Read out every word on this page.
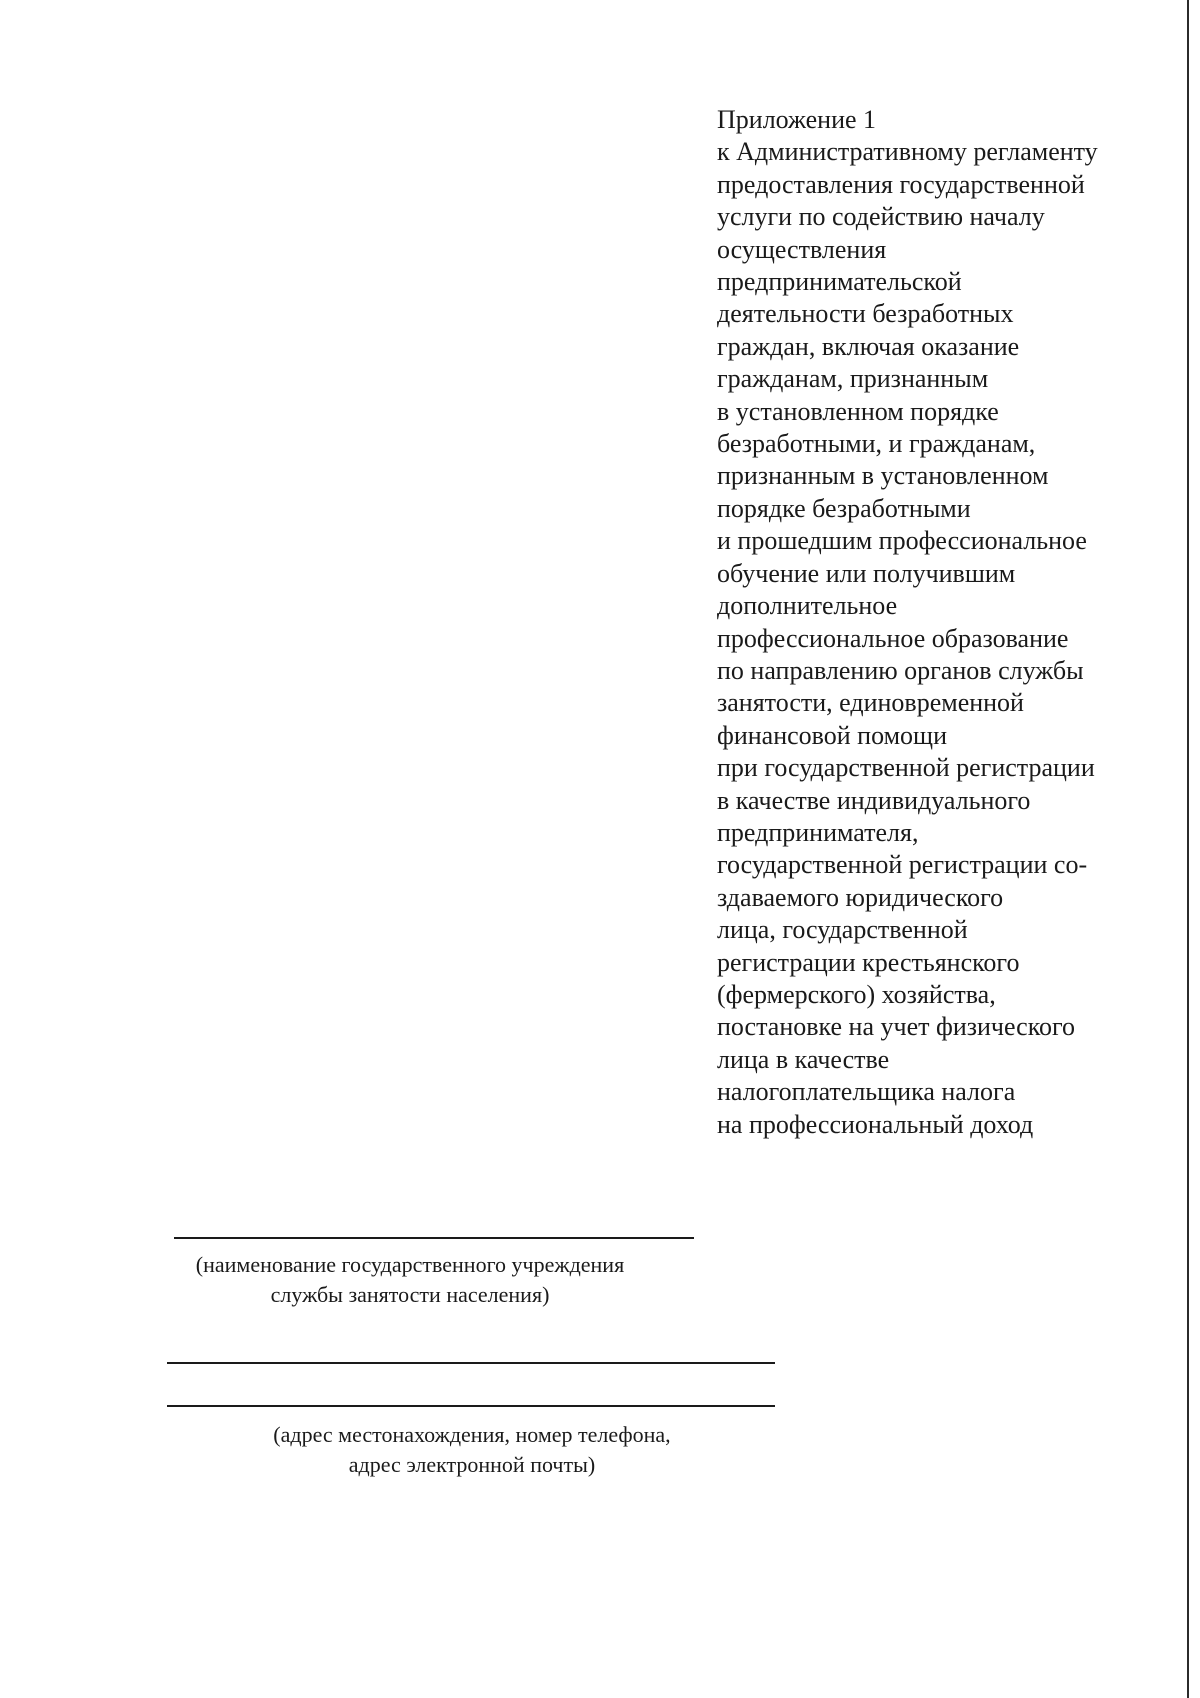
Приложение 1
к Административному регламенту
предоставления государственной
услуги по содействию началу
осуществления
предпринимательской
деятельности безработных
граждан, включая оказание
гражданам, признанным
в установленном порядке
безработными, и гражданам,
признанным в установленном
порядке безработными
и прошедшим профессиональное
обучение или получившим
дополнительное
профессиональное образование
по направлению органов службы
занятости, единовременной
финансовой помощи
при государственной регистрации
в качестве индивидуального
предпринимателя,
государственной регистрации со-
здаваемого юридического
лица, государственной
регистрации крестьянского
(фермерского) хозяйства,
постановке на учет физического
лица в качестве
налогоплательщика налога
на профессиональный доход
(наименование государственного учреждения
службы занятости населения)
(адрес местонахождения, номер телефона,
адрес электронной почты)
